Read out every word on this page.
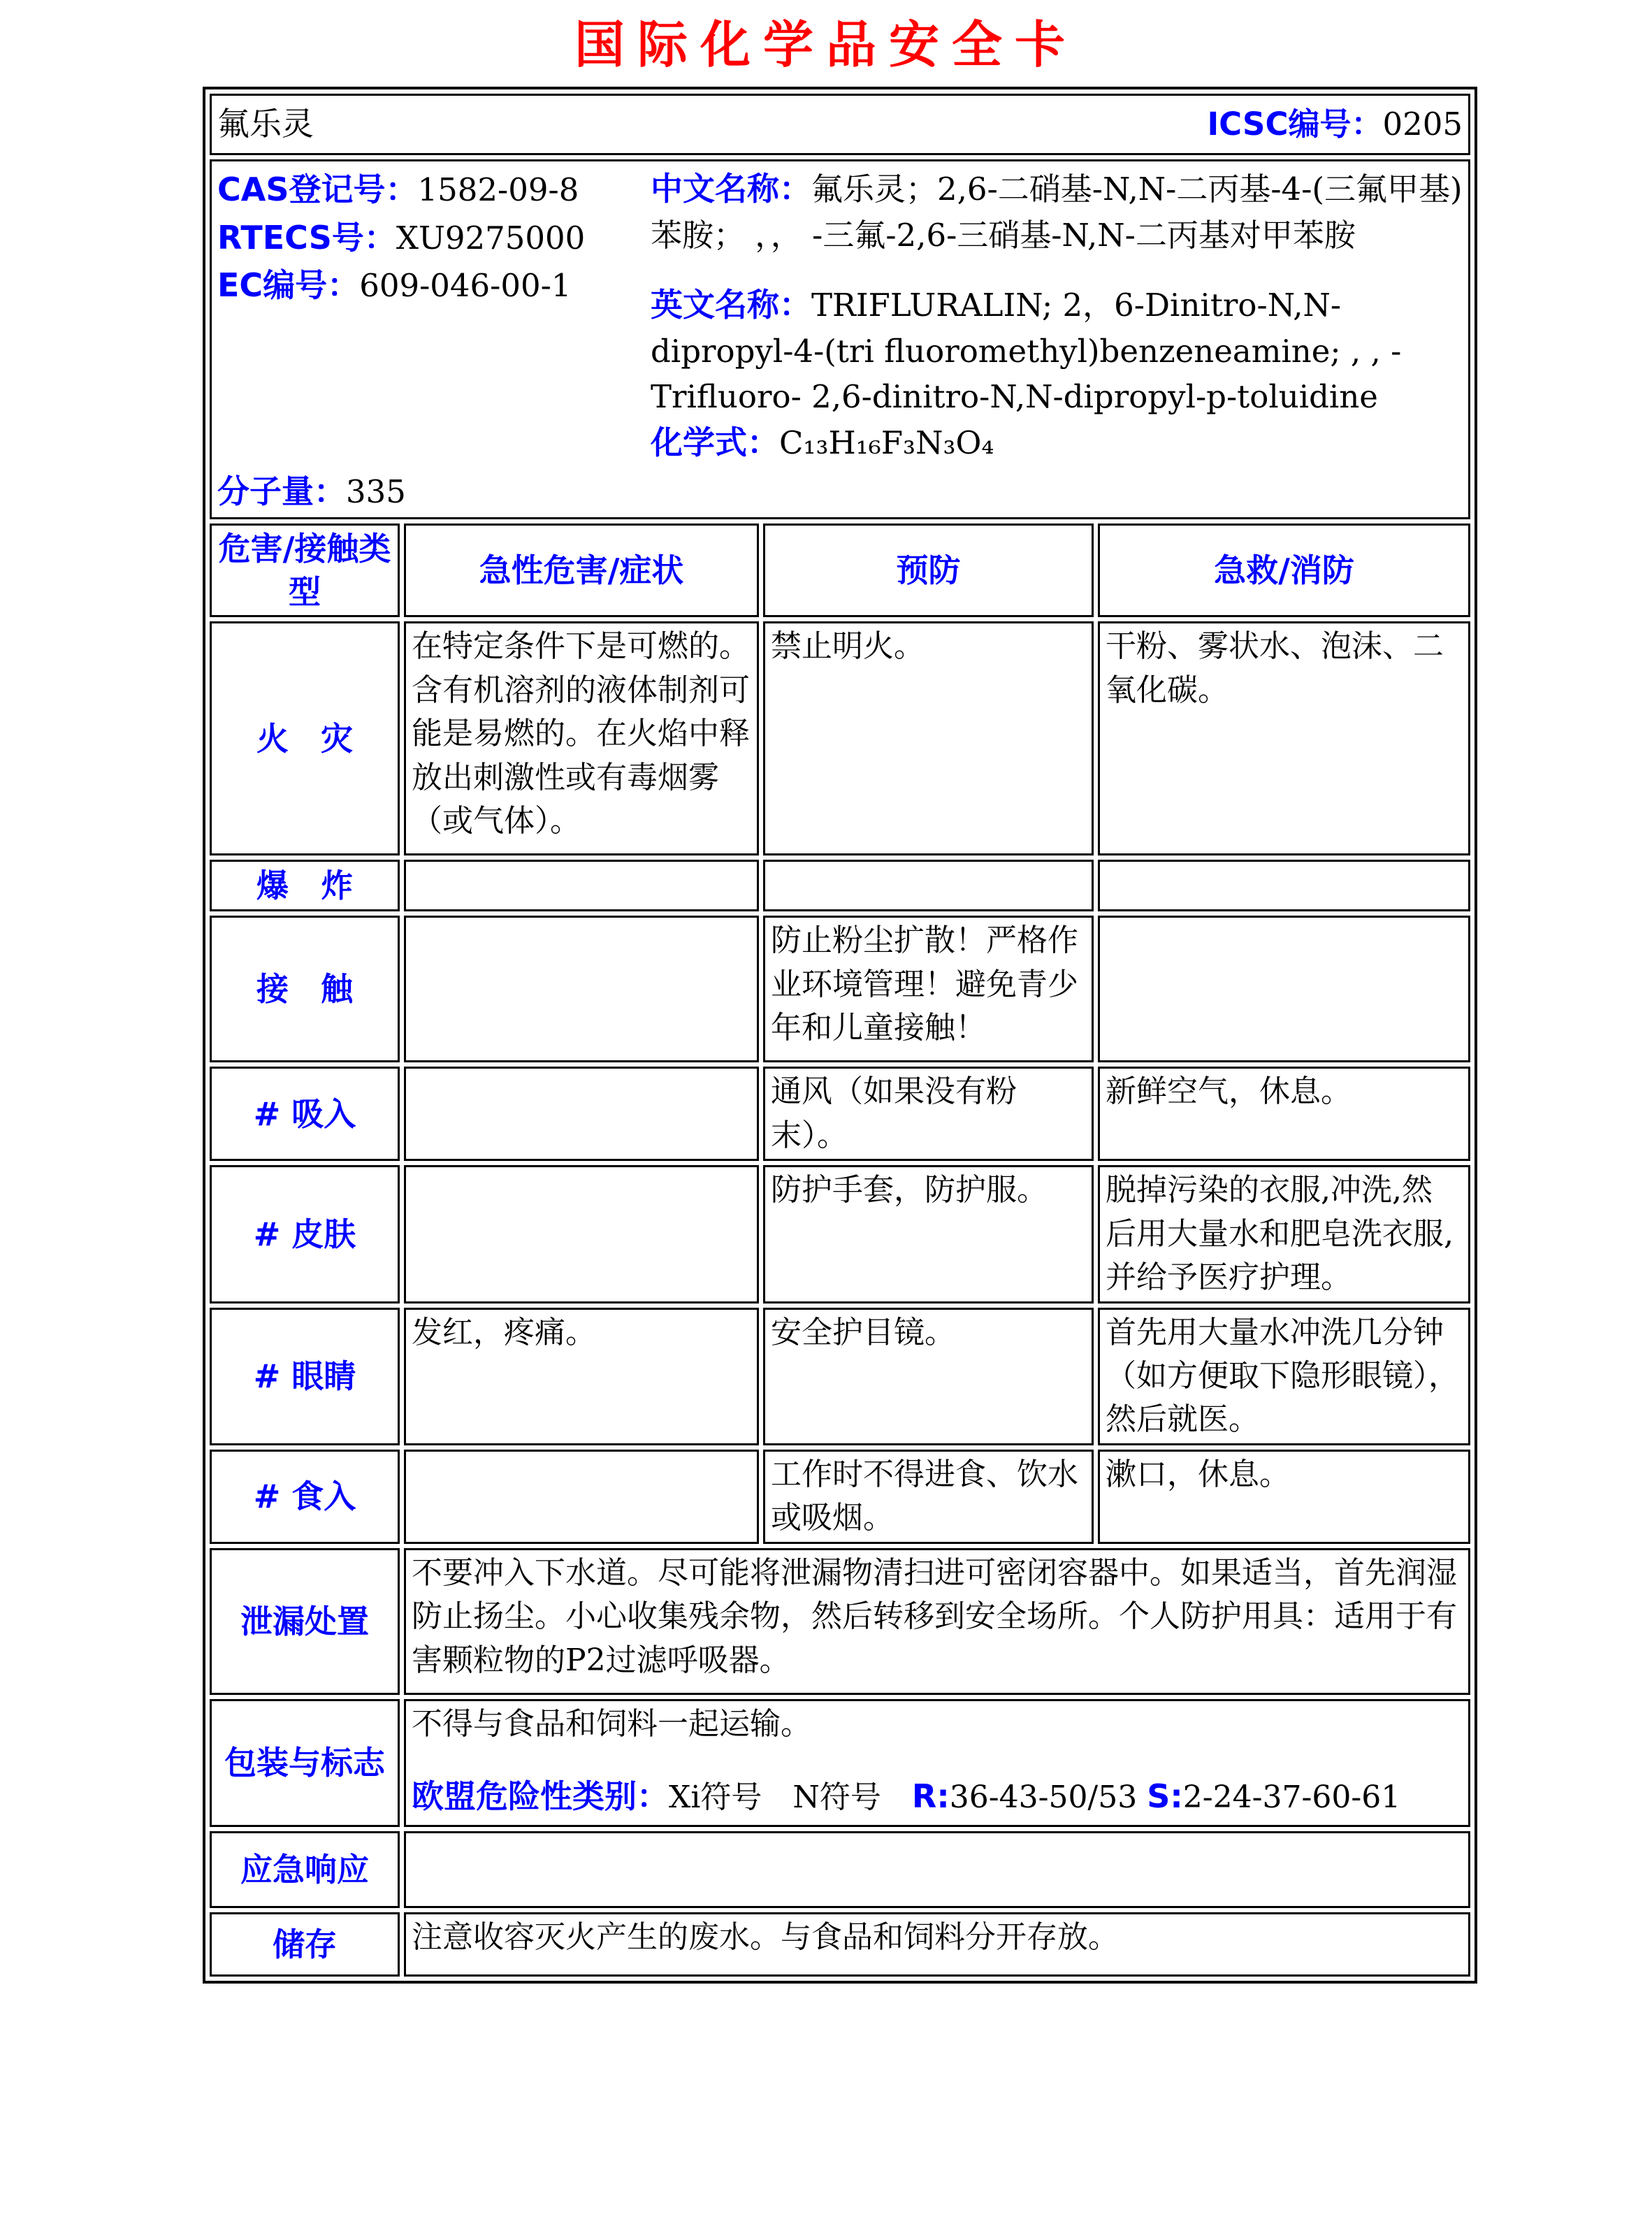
国际化学品安全卡
氟乐灵 ICSC编号：0205			

CAS登记号：1582-09-8
RTECS号：XU9275000
EC编号：609-046-00-1
分子量：335

中文名称：氟乐灵；2,6-二硝基-N,N-二丙基-4-(三氟甲基)苯胺； ，， -三氟-2,6-三硝基-N,N-二丙基对甲苯胺

英文名称：TRIFLURALIN; 2，6-Dinitro-N,N-dipropyl-4-(tri fluoromethyl)benzeneamine; , , -Trifluoro- 2,6-dinitro-N,N-dipropyl-p-toluidine

化学式：C₁₃H₁₆F₃N₃O₄

危害/接触类型	急性危害/症状	预防	急救/消防
火　灾	在特定条件下是可燃的。含有机溶剂的液体制剂可能是易燃的。在火焰中释放出刺激性或有毒烟雾（或气体）。	禁止明火。	干粉、雾状水、泡沫、二氧化碳。
爆　炸			
接　触		防止粉尘扩散！严格作业环境管理！避免青少年和儿童接触！	
# 吸入		通风（如果没有粉末）。	新鲜空气，休息。
# 皮肤		防护手套，防护服。	脱掉污染的衣服,冲洗,然后用大量水和肥皂洗衣服,并给予医疗护理。
# 眼睛	发红，疼痛。	安全护目镜。	首先用大量水冲洗几分钟（如方便取下隐形眼镜），然后就医。
# 食入		工作时不得进食、饮水或吸烟。	漱口，休息。
泄漏处置	不要冲入下水道。尽可能将泄漏物清扫进可密闭容器中。如果适当，首先润湿防止扬尘。小心收集残余物，然后转移到安全场所。个人防护用具：适用于有害颗粒物的P2过滤呼吸器。		
包装与标志	不得与食品和饲料一起运输。
欧盟危险性类别：Xi符号　N符号　 R:36-43-50/53 S:2-24-37-60-61		

应急响应			
储存	注意收容灭火产生的废水。与食品和饲料分开存放。		
